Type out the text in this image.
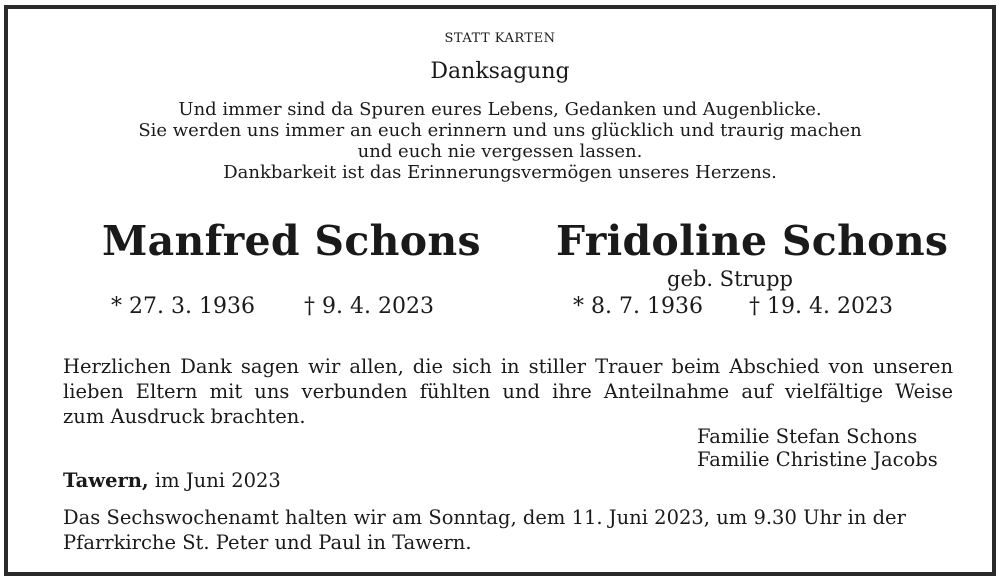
STATT KARTEN
Danksagung
Und immer sind da Spuren eures Lebens, Gedanken und Augenblicke.
Sie werden uns immer an euch erinnern und uns glücklich und traurig machen
und euch nie vergessen lassen.
Dankbarkeit ist das Erinnerungsvermögen unseres Herzens.
Manfred Schons Fridoline Schons
geb. Strupp
* 27. 3. 1936 † 9. 4. 2023	* 8. 7. 1936 † 19. 4. 2023
Herzlichen Dank sagen wir allen, die sich in stiller Trauer beim Abschied von unseren
lieben Eltern mit uns verbunden fühlten und ihre Anteilnahme auf vielfältige Weise
zum Ausdruck brachten.
Familie Stefan Schons
Familie Christine Jacobs
Tawern, im Juni 2023
Das Sechswochenamt halten wir am Sonntag, dem 11. Juni 2023, um 9.30 Uhr in der
Pfarrkirche St. Peter und Paul in Tawern.
